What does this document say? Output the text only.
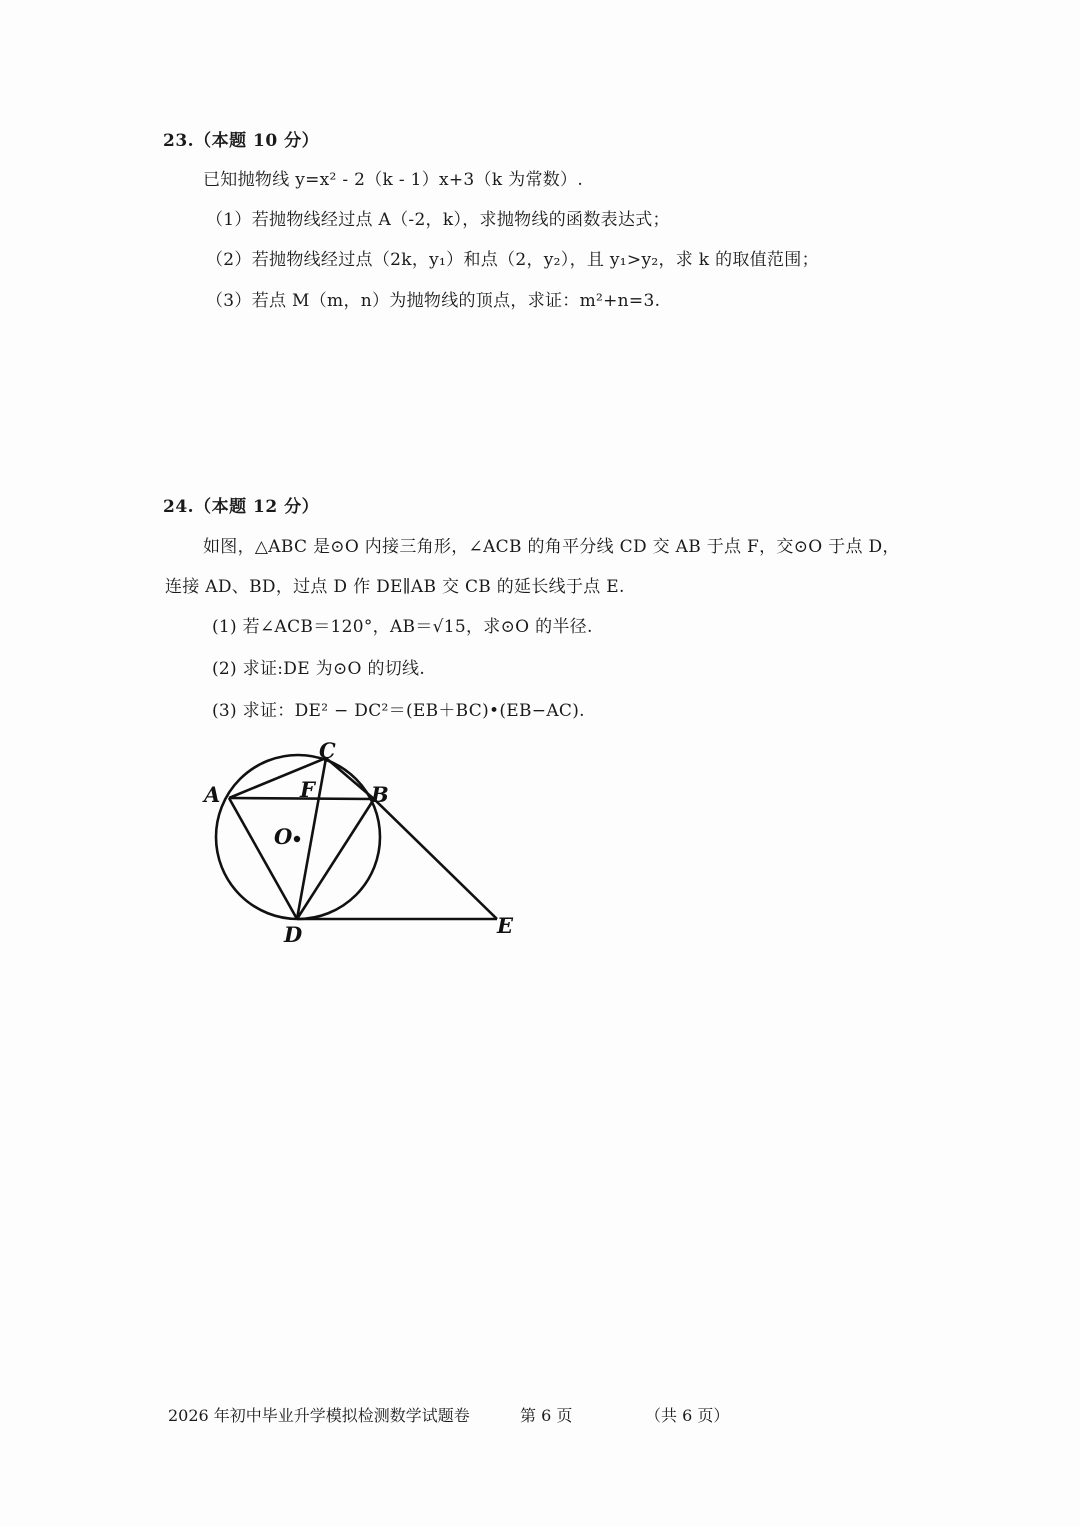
23.（本题 10 分）
已知抛物线 y=x² - 2（k - 1）x+3（k 为常数）.
（1）若抛物线经过点 A（-2，k），求抛物线的函数表达式；
（2）若抛物线经过点（2k，y₁）和点（2，y₂），且 y₁>y₂，求 k 的取值范围；
（3）若点 M（m，n）为抛物线的顶点，求证：m²+n=3.
24.（本题 12 分）
如图，△ABC 是⊙O 内接三角形，∠ACB 的角平分线 CD 交 AB 于点 F，交⊙O 于点 D，
连接 AD、BD，过点 D 作 DE∥AB 交 CB 的延长线于点 E.
(1) 若∠ACB＝120°，AB＝√15，求⊙O 的半径.
(2) 求证:DE 为⊙O 的切线.
(3) 求证：DE² − DC²＝(EB＋BC)•(EB−AC).
A	B
C
D	E
F
O
2026 年初中毕业升学模拟检测数学试题卷	第 6 页	（共 6 页）
